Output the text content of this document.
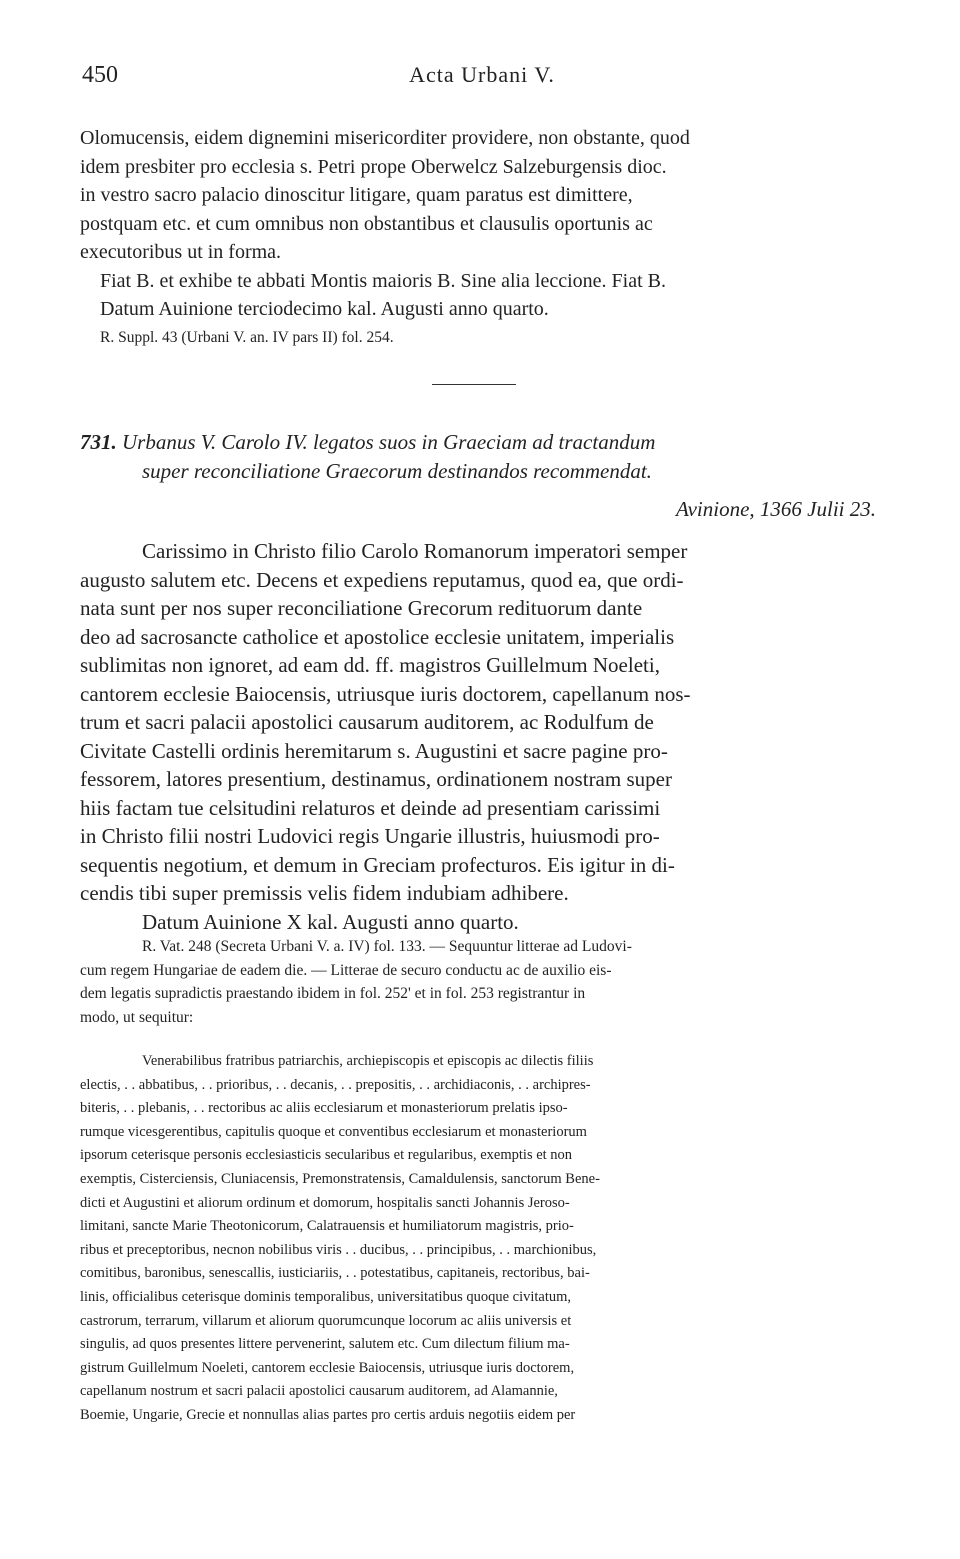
450	Acta Urbani V.
Olomucensis, eidem dignemini misericorditer providere, non obstante, quod
idem presbiter pro ecclesia s. Petri prope Oberwelcz Salzeburgensis dioc.
in vestro sacro palacio dinoscitur litigare, quam paratus est dimittere,
postquam etc. et cum omnibus non obstantibus et clausulis oportunis ac
executoribus ut in forma.
Fiat B. et exhibe te abbati Montis maioris B. Sine alia leccione. Fiat B.
Datum Auinione terciodecimo kal. Augusti anno quarto.
R. Suppl. 43 (Urbani V. an. IV pars II) fol. 254.
731. Urbanus V. Carolo IV. legatos suos in Graeciam ad tractandum
super reconciliatione Graecorum destinandos recommendat.
Avinione, 1366 Julii 23.
Carissimo in Christo filio Carolo Romanorum imperatori semper
augusto salutem etc. Decens et expediens reputamus, quod ea, que ordi-
nata sunt per nos super reconciliatione Grecorum redituorum dante
deo ad sacrosancte catholice et apostolice ecclesie unitatem, imperialis
sublimitas non ignoret, ad eam dd. ff. magistros Guillelmum Noeleti,
cantorem ecclesie Baiocensis, utriusque iuris doctorem, capellanum nos-
trum et sacri palacii apostolici causarum auditorem, ac Rodulfum de
Civitate Castelli ordinis heremitarum s. Augustini et sacre pagine pro-
fessorem, latores presentium, destinamus, ordinationem nostram super
hiis factam tue celsitudini relaturos et deinde ad presentiam carissimi
in Christo filii nostri Ludovici regis Ungarie illustris, huiusmodi pro-
sequentis negotium, et demum in Greciam profecturos. Eis igitur in di-
cendis tibi super premissis velis fidem indubiam adhibere.
Datum Auinione X kal. Augusti anno quarto.
R. Vat. 248 (Secreta Urbani V. a. IV) fol. 133. — Sequuntur litterae ad Ludovi-
cum regem Hungariae de eadem die. — Litterae de securo conductu ac de auxilio eis-
dem legatis supradictis praestando ibidem in fol. 252' et in fol. 253 registrantur in
modo, ut sequitur:
Venerabilibus fratribus patriarchis, archiepiscopis et episcopis ac dilectis filiis
electis, . . abbatibus, . . prioribus, . . decanis, . . prepositis, . . archidiaconis, . . archipres-
biteris, . . plebanis, . . rectoribus ac aliis ecclesiarum et monasteriorum prelatis ipso-
rumque vicesgerentibus, capitulis quoque et conventibus ecclesiarum et monasteriorum
ipsorum ceterisque personis ecclesiasticis secularibus et regularibus, exemptis et non
exemptis, Cisterciensis, Cluniacensis, Premonstratensis, Camaldulensis, sanctorum Bene-
dicti et Augustini et aliorum ordinum et domorum, hospitalis sancti Johannis Jeroso-
limitani, sancte Marie Theotonicorum, Calatrauensis et humiliatorum magistris, prio-
ribus et preceptoribus, necnon nobilibus viris . . ducibus, . . principibus, . . marchionibus,
comitibus, baronibus, senescallis, iusticiariis, . . potestatibus, capitaneis, rectoribus, bai-
linis, officialibus ceterisque dominis temporalibus, universitatibus quoque civitatum,
castrorum, terrarum, villarum et aliorum quorumcunque locorum ac aliis universis et
singulis, ad quos presentes littere pervenerint, salutem etc. Cum dilectum filium ma-
gistrum Guillelmum Noeleti, cantorem ecclesie Baiocensis, utriusque iuris doctorem,
capellanum nostrum et sacri palacii apostolici causarum auditorem, ad Alamannie,
Boemie, Ungarie, Grecie et nonnullas alias partes pro certis arduis negotiis eidem per
